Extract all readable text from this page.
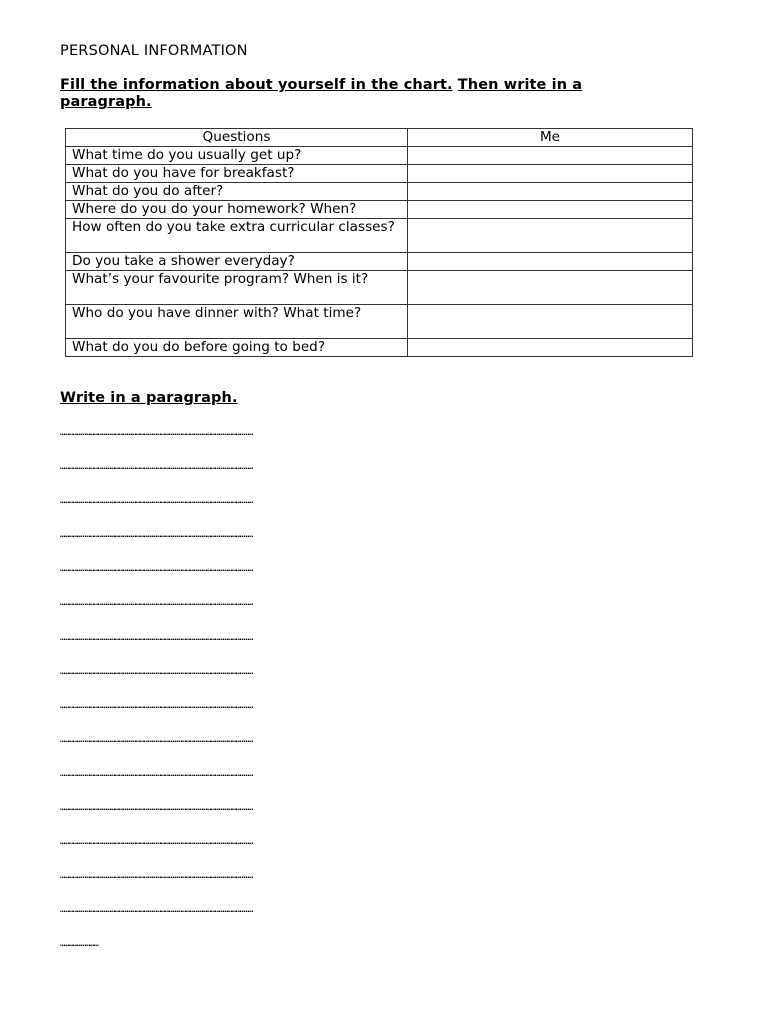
PERSONAL INFORMATION
Fill the information about yourself in the chart. Then write in a paragraph.
Questions	Me
What time do you usually get up?	
What do you have for breakfast?	
What do you do after?	
Where do you do your homework? When?	
How often do you take extra curricular classes?	
Do you take a shower everyday?	
What’s your favourite program? When is it?	
Who do you have dinner with? What time?	
What do you do before going to bed?	
Write in a paragraph.
…………………………………………………………………………………………………………………………
…………………………………………………………………………………………………………………………
…………………………………………………………………………………………………………………………
…………………………………………………………………………………………………………………………
…………………………………………………………………………………………………………………………
…………………………………………………………………………………………………………………………
…………………………………………………………………………………………………………………………
…………………………………………………………………………………………………………………………
…………………………………………………………………………………………………………………………
…………………………………………………………………………………………………………………………
…………………………………………………………………………………………………………………………
…………………………………………………………………………………………………………………………
…………………………………………………………………………………………………………………………
…………………………………………………………………………………………………………………………
…………………………………………………………………………………………………………………………
………………………
